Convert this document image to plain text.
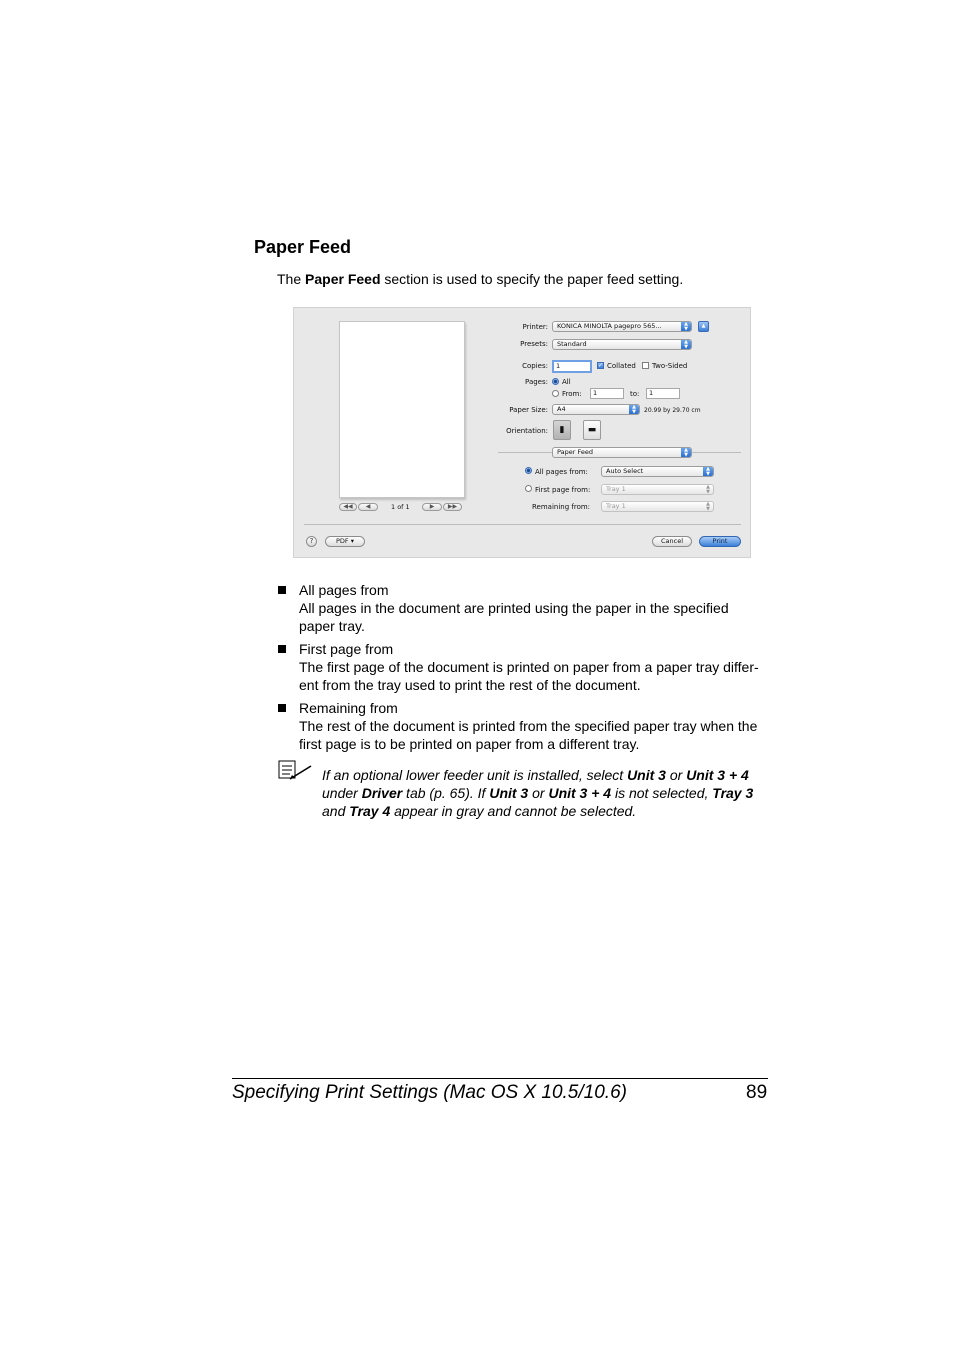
Paper Feed
The Paper Feed section is used to specify the paper feed setting.
◀◀	◀	1 of 1	▶	▶▶
Printer:	KONICA MINOLTA pagepro 565...	▲
▼	▲
Presets:	Standard	▲
▼
Copies:	1	✓ Collated Two-Sided
Pages: All
From:	1	to:	1
Paper Size:	A4	▲
▼	20.99 by 29.70 cm
Orientation:	▮	▬
Paper Feed	▲
▼
All pages from:	Auto Select	▲
▼
First page from:	Tray 1	▲
▼
Remaining from:	Tray 1	▲
▼
?	PDF ▾	Cancel	Print
All pages from
All pages in the document are printed using the paper in the specified paper tray.
First page from
The first page of the document is printed on paper from a paper tray differ-ent from the tray used to print the rest of the document.
Remaining from
The rest of the document is printed from the specified paper tray when the first page is to be printed on paper from a different tray.
If an optional lower feeder unit is installed, select Unit 3 or Unit 3 + 4
under Driver tab (p. 65). If Unit 3 or Unit 3 + 4 is not selected, Tray 3
and Tray 4 appear in gray and cannot be selected.
Specifying Print Settings (Mac OS X 10.5/10.6)	89
